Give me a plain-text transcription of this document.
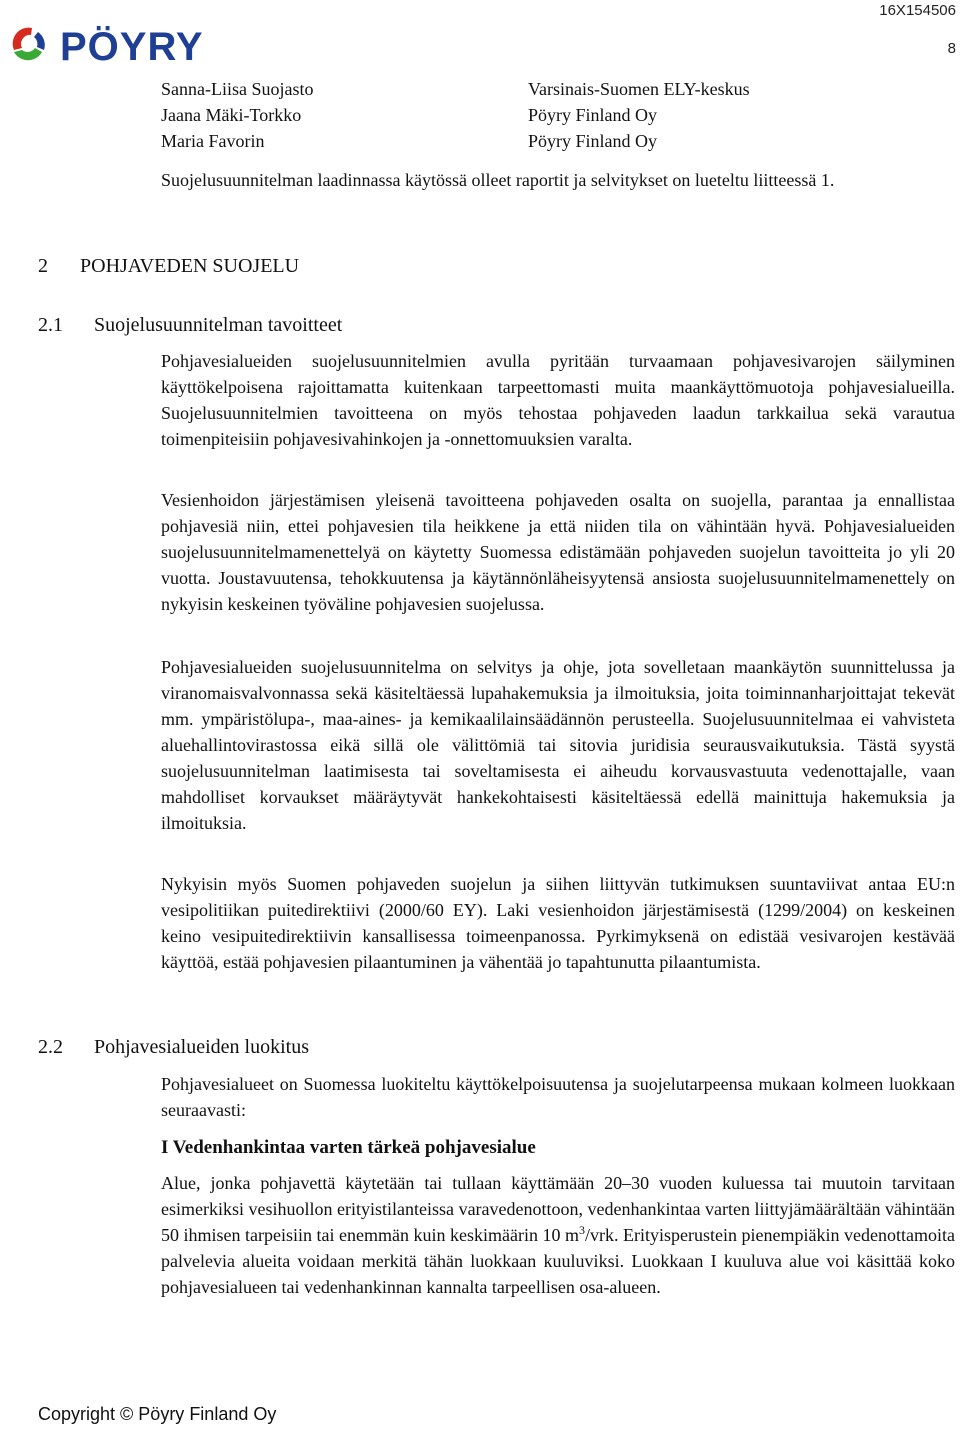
PÖYRY
16X154506
8
Sanna-Liisa Suojasto	Varsinais-Suomen ELY-keskus
Jaana Mäki-Torkko	Pöyry Finland Oy
Maria Favorin	Pöyry Finland Oy

Suojelusuunnitelman laadinnassa käytössä olleet raportit ja selvitykset on lueteltu liitteessä 1.

2 POHJAVEDEN SUOJELU
2.1 Suojelusuunnitelman tavoitteet

Pohjavesialueiden suojelusuunnitelmien avulla pyritään turvaamaan pohjavesivarojen säilyminen käyttökelpoisena rajoittamatta kuitenkaan tarpeettomasti muita maankäyttömuotoja pohjavesialueilla. Suojelusuunnitelmien tavoitteena on myös tehostaa pohjaveden laadun tarkkailua sekä varautua toimenpiteisiin pohjavesivahinkojen ja -onnettomuuksien varalta.

Vesienhoidon järjestämisen yleisenä tavoitteena pohjaveden osalta on suojella, parantaa ja ennallistaa pohjavesiä niin, ettei pohjavesien tila heikkene ja että niiden tila on vähintään hyvä. Pohjavesialueiden suojelusuunnitelmamenettelyä on käytetty Suomessa edistämään pohjaveden suojelun tavoitteita jo yli 20 vuotta. Joustavuutensa, tehokkuutensa ja käytännönläheisyytensä ansiosta suojelusuunnitelmamenettely on nykyisin keskeinen työväline pohjavesien suojelussa.

Pohjavesialueiden suojelusuunnitelma on selvitys ja ohje, jota sovelletaan maankäytön suunnittelussa ja viranomaisvalvonnassa sekä käsiteltäessä lupahakemuksia ja ilmoituksia, joita toiminnanharjoittajat tekevät mm. ympäristölupa-, maa-aines- ja kemikaalilainsäädännön perusteella. Suojelusuunnitelmaa ei vahvisteta aluehallintovirastossa eikä sillä ole välittömiä tai sitovia juridisia seurausvaikutuksia. Tästä syystä suojelusuunnitelman laatimisesta tai soveltamisesta ei aiheudu korvausvastuuta vedenottajalle, vaan mahdolliset korvaukset määräytyvät hankekohtaisesti käsiteltäessä edellä mainittuja hakemuksia ja ilmoituksia.

Nykyisin myös Suomen pohjaveden suojelun ja siihen liittyvän tutkimuksen suuntaviivat antaa EU:n vesipolitiikan puitedirektiivi (2000/60 EY). Laki vesienhoidon järjestämisestä (1299/2004) on keskeinen keino vesipuitedirektiivin kansallisessa toimeenpanossa. Pyrkimyksenä on edistää vesivarojen kestävää käyttöä, estää pohjavesien pilaantuminen ja vähentää jo tapahtunutta pilaantumista.

2.2 Pohjavesialueiden luokitus

Pohjavesialueet on Suomessa luokiteltu käyttökelpoisuutensa ja suojelutarpeensa mukaan kolmeen luokkaan seuraavasti:

I Vedenhankintaa varten tärkeä pohjavesialue

Alue, jonka pohjavettä käytetään tai tullaan käyttämään 20–30 vuoden kuluessa tai muutoin tarvitaan esimerkiksi vesihuollon erityistilanteissa varavedenottoon, vedenhankintaa varten liittyjämäärältään vähintään 50 ihmisen tarpeisiin tai enemmän kuin keskimäärin 10 $m^3$/vrk. Erityisperustein pienempiäkin vedenottamoita palvelevia alueita voidaan merkitä tähän luokkaan kuuluviksi. Luokkaan I kuuluva alue voi käsittää koko pohjavesialueen tai vedenhankinnan kannalta tarpeellisen osa-alueen.

Copyright © Pöyry Finland Oy
